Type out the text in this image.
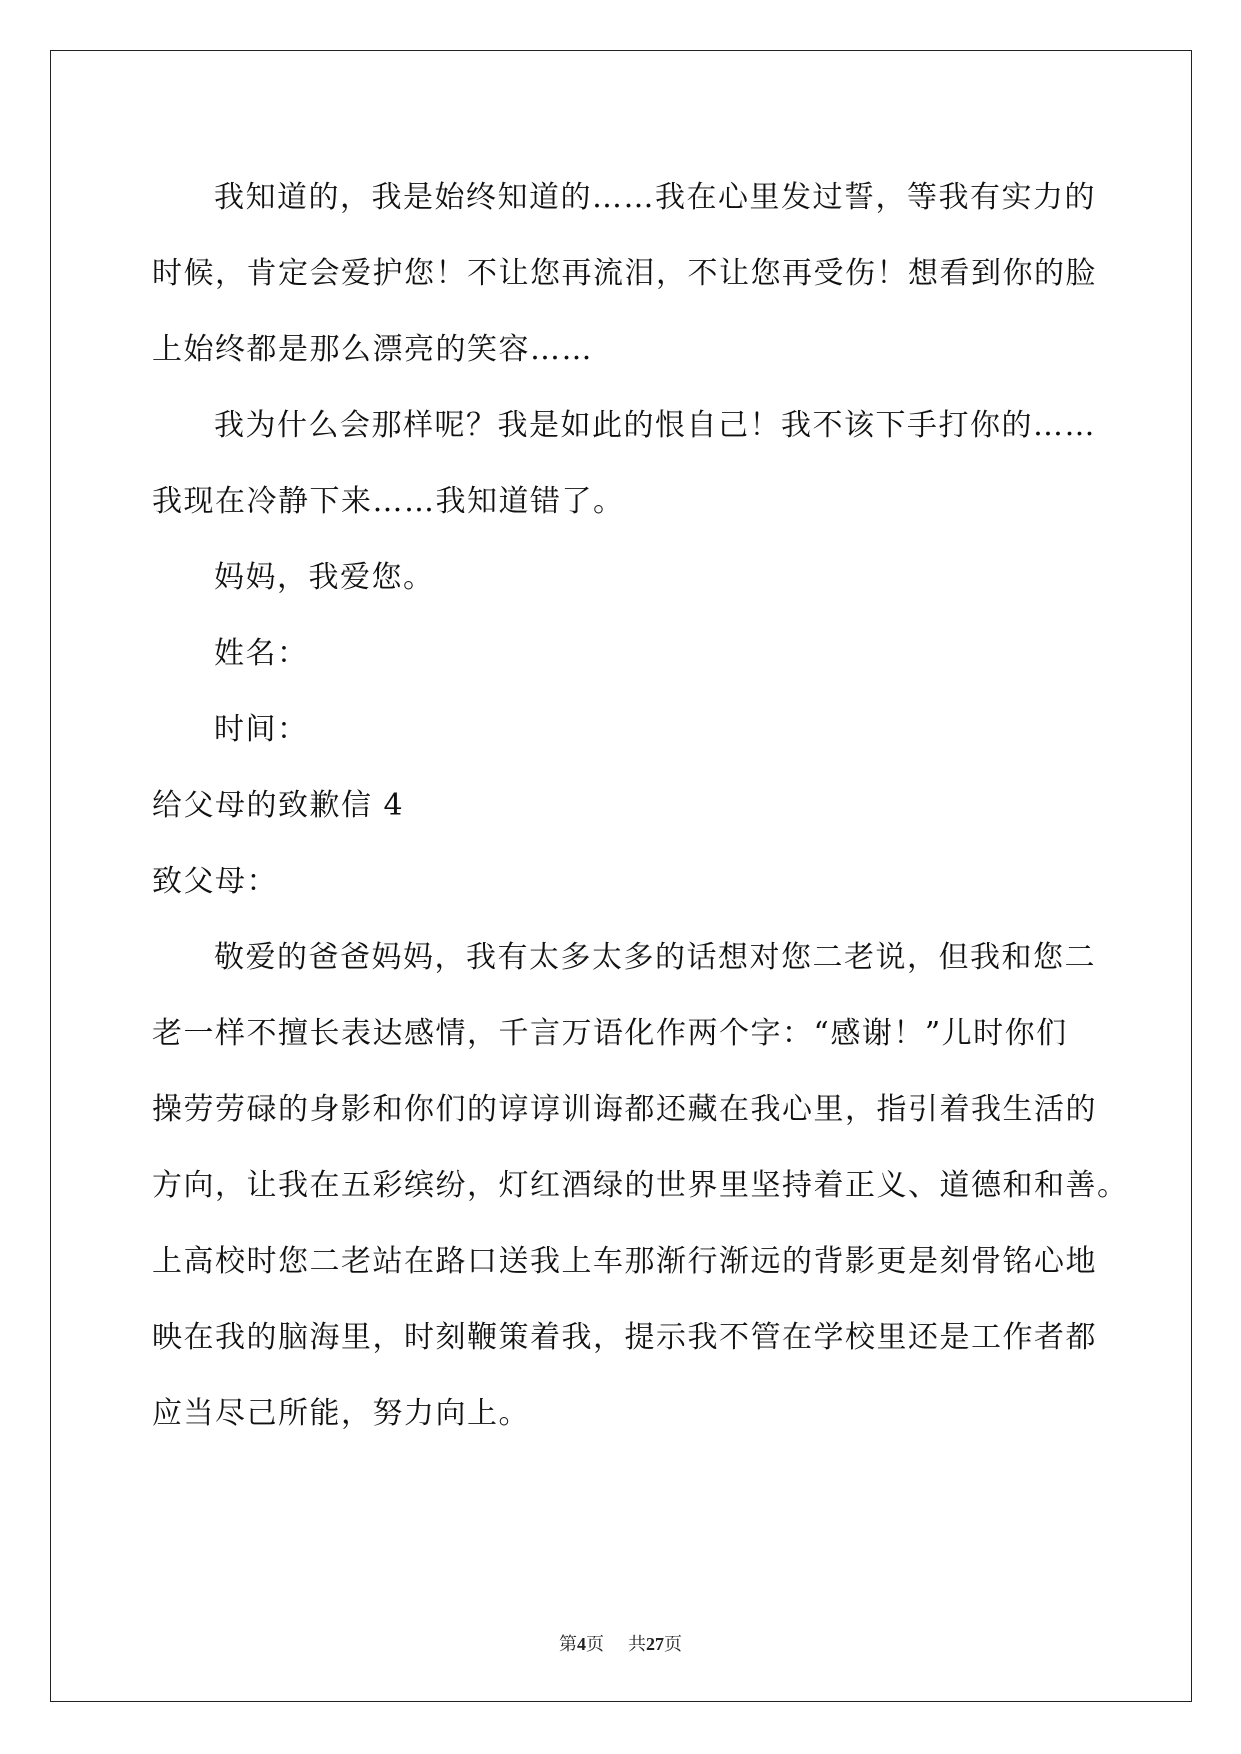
我知道的，我是始终知道的……我在心里发过誓，等我有实力的
时候，肯定会爱护您！不让您再流泪，不让您再受伤！想看到你的脸
上始终都是那么漂亮的笑容……
我为什么会那样呢？我是如此的恨自己！我不该下手打你的……
我现在冷静下来……我知道错了。
妈妈，我爱您。
姓名：
时间：
给父母的致歉信 4
致父母：
敬爱的爸爸妈妈，我有太多太多的话想对您二老说，但我和您二
老一样不擅长表达感情，千言万语化作两个字：“感谢！”儿时你们
操劳劳碌的身影和你们的谆谆训诲都还藏在我心里，指引着我生活的
方向，让我在五彩缤纷，灯红酒绿的世界里坚持着正义、道德和和善。
上高校时您二老站在路口送我上车那渐行渐远的背影更是刻骨铭心地
映在我的脑海里，时刻鞭策着我，提示我不管在学校里还是工作者都
应当尽己所能，努力向上。
第4页 共27页
